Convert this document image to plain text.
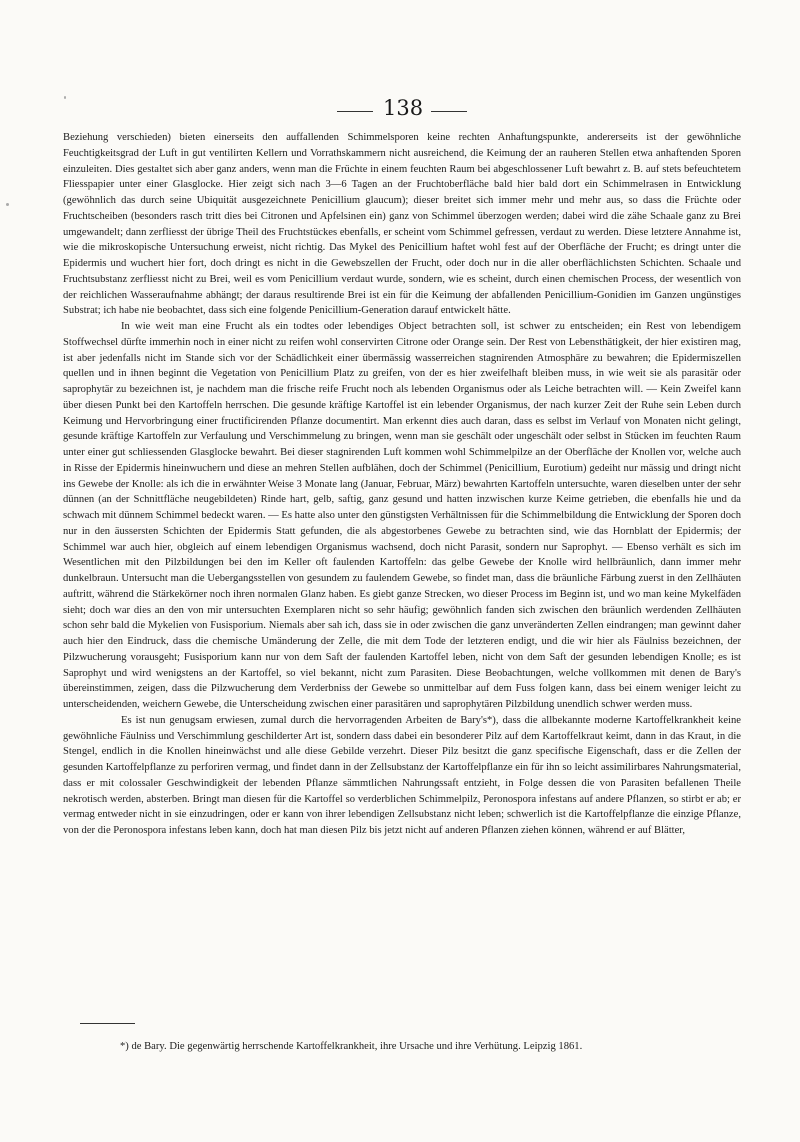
138

Beziehung verschieden) bieten einerseits den auffallenden Schimmelsporen keine rechten Anhaftungspunkte, andererseits ist der gewöhnliche Feuchtigkeitsgrad der Luft in gut ventilirten Kellern und Vorrathskammern nicht ausreichend, die Keimung der an rauheren Stellen etwa anhaftenden Sporen einzuleiten. Dies gestaltet sich aber ganz anders, wenn man die Früchte in einem feuchten Raum bei abgeschlossener Luft bewahrt z. B. auf stets befeuchtetem Fliesspapier unter einer Glasglocke. Hier zeigt sich nach 3—6 Tagen an der Fruchtoberfläche bald hier bald dort ein Schimmelrasen in Entwicklung (gewöhnlich das durch seine Ubiquität ausgezeichnete Penicillium glaucum); dieser breitet sich immer mehr und mehr aus, so dass die Früchte oder Fruchtscheiben (besonders rasch tritt dies bei Citronen und Apfelsinen ein) ganz von Schimmel überzogen werden; dabei wird die zähe Schaale ganz zu Brei umgewandelt; dann zerfliesst der übrige Theil des Fruchtstückes ebenfalls, er scheint vom Schimmel gefressen, verdaut zu werden. Diese letztere Annahme ist, wie die mikroskopische Untersuchung erweist, nicht richtig. Das Mykel des Penicillium haftet wohl fest auf der Oberfläche der Frucht; es dringt unter die Epidermis und wuchert hier fort, doch dringt es nicht in die Gewebszellen der Frucht, oder doch nur in die aller oberflächlichsten Schichten. Schaale und Fruchtsubstanz zerfliesst nicht zu Brei, weil es vom Penicillium verdaut wurde, sondern, wie es scheint, durch einen chemischen Process, der wesentlich von der reichlichen Wasseraufnahme abhängt; der daraus resultirende Brei ist ein für die Keimung der abfallenden Penicillium-Gonidien im Ganzen ungünstiges Substrat; ich habe nie beobachtet, dass sich eine folgende Penicillium-Generation darauf entwickelt hätte.

In wie weit man eine Frucht als ein todtes oder lebendiges Object betrachten soll, ist schwer zu entscheiden; ein Rest von lebendigem Stoffwechsel dürfte immerhin noch in einer nicht zu reifen wohl conservirten Citrone oder Orange sein. Der Rest von Lebensthätigkeit, der hier existiren mag, ist aber jedenfalls nicht im Stande sich vor der Schädlichkeit einer übermässig wasserreichen stagnirenden Atmosphäre zu bewahren; die Epidermiszellen quellen und in ihnen beginnt die Vegetation von Penicillium Platz zu greifen, von der es hier zweifelhaft bleiben muss, in wie weit sie als parasitär oder saprophytär zu bezeichnen ist, je nachdem man die frische reife Frucht noch als lebenden Organismus oder als Leiche betrachten will. — Kein Zweifel kann über diesen Punkt bei den Kartoffeln herrschen. Die gesunde kräftige Kartoffel ist ein lebender Organismus, der nach kurzer Zeit der Ruhe sein Leben durch Keimung und Hervorbringung einer fructificirenden Pflanze documentirt. Man erkennt dies auch daran, dass es selbst im Verlauf von Monaten nicht gelingt, gesunde kräftige Kartoffeln zur Verfaulung und Verschimmelung zu bringen, wenn man sie geschält oder ungeschält oder selbst in Stücken im feuchten Raum unter einer gut schliessenden Glasglocke bewahrt. Bei dieser stagnirenden Luft kommen wohl Schimmelpilze an der Oberfläche der Knollen vor, welche auch in Risse der Epidermis hineinwuchern und diese an mehren Stellen aufblähen, doch der Schimmel (Penicillium, Eurotium) gedeiht nur mässig und dringt nicht ins Gewebe der Knolle: als ich die in erwähnter Weise 3 Monate lang (Januar, Februar, März) bewahrten Kartoffeln untersuchte, waren dieselben unter der sehr dünnen (an der Schnittfläche neugebildeten) Rinde hart, gelb, saftig, ganz gesund und hatten inzwischen kurze Keime getrieben, die ebenfalls hie und da schwach mit dünnem Schimmel bedeckt waren. — Es hatte also unter den günstigsten Verhältnissen für die Schimmelbildung die Entwicklung der Sporen doch nur in den äussersten Schichten der Epidermis Statt gefunden, die als abgestorbenes Gewebe zu betrachten sind, wie das Hornblatt der Epidermis; der Schimmel war auch hier, obgleich auf einem lebendigen Organismus wachsend, doch nicht Parasit, sondern nur Saprophyt. — Ebenso verhält es sich im Wesentlichen mit den Pilzbildungen bei den im Keller oft faulenden Kartoffeln: das gelbe Gewebe der Knolle wird hellbräunlich, dann immer mehr dunkelbraun. Untersucht man die Uebergangsstellen von gesundem zu faulendem Gewebe, so findet man, dass die bräunliche Färbung zuerst in den Zellhäuten auftritt, während die Stärkekörner noch ihren normalen Glanz haben. Es giebt ganze Strecken, wo dieser Process im Beginn ist, und wo man keine Mykelfäden sieht; doch war dies an den von mir untersuchten Exemplaren nicht so sehr häufig; gewöhnlich fanden sich zwischen den bräunlich werdenden Zellhäuten schon sehr bald die Mykelien von Fusisporium. Niemals aber sah ich, dass sie in oder zwischen die ganz unveränderten Zellen eindrangen; man gewinnt daher auch hier den Eindruck, dass die chemische Umänderung der Zelle, die mit dem Tode der letzteren endigt, und die wir hier als Fäulniss bezeichnen, der Pilzwucherung vorausgeht; Fusisporium kann nur von dem Saft der faulenden Kartoffel leben, nicht von dem Saft der gesunden lebendigen Knolle; es ist Saprophyt und wird wenigstens an der Kartoffel, so viel bekannt, nicht zum Parasiten. Diese Beobachtungen, welche vollkommen mit denen de Bary's übereinstimmen, zeigen, dass die Pilzwucherung dem Verderbniss der Gewebe so unmittelbar auf dem Fuss folgen kann, dass bei einem weniger leicht zu unterscheidenden, weichern Gewebe, die Unterscheidung zwischen einer parasitären und saprophytären Pilzbildung unendlich schwer werden muss.

Es ist nun genugsam erwiesen, zumal durch die hervorragenden Arbeiten de Bary's*), dass die allbekannte moderne Kartoffelkrankheit keine gewöhnliche Fäulniss und Verschimmlung geschilderter Art ist, sondern dass dabei ein besonderer Pilz auf dem Kartoffelkraut keimt, dann in das Kraut, in die Stengel, endlich in die Knollen hineinwächst und alle diese Gebilde verzehrt. Dieser Pilz besitzt die ganz specifische Eigenschaft, dass er die Zellen der gesunden Kartoffelpflanze zu perforiren vermag, und findet dann in der Zellsubstanz der Kartoffelpflanze ein für ihn so leicht assimilirbares Nahrungsmaterial, dass er mit colossaler Geschwindigkeit der lebenden Pflanze sämmtlichen Nahrungssaft entzieht, in Folge dessen die von Parasiten befallenen Theile nekrotisch werden, absterben. Bringt man diesen für die Kartoffel so verderblichen Schimmelpilz, Peronospora infestans auf andere Pflanzen, so stirbt er ab; er vermag entweder nicht in sie einzudringen, oder er kann von ihrer lebendigen Zellsubstanz nicht leben; schwerlich ist die Kartoffelpflanze die einzige Pflanze, von der die Peronospora infestans leben kann, doch hat man diesen Pilz bis jetzt nicht auf anderen Pflanzen ziehen können, während er auf Blätter,

*) de Bary. Die gegenwärtig herrschende Kartoffelkrankheit, ihre Ursache und ihre Verhütung. Leipzig 1861.
